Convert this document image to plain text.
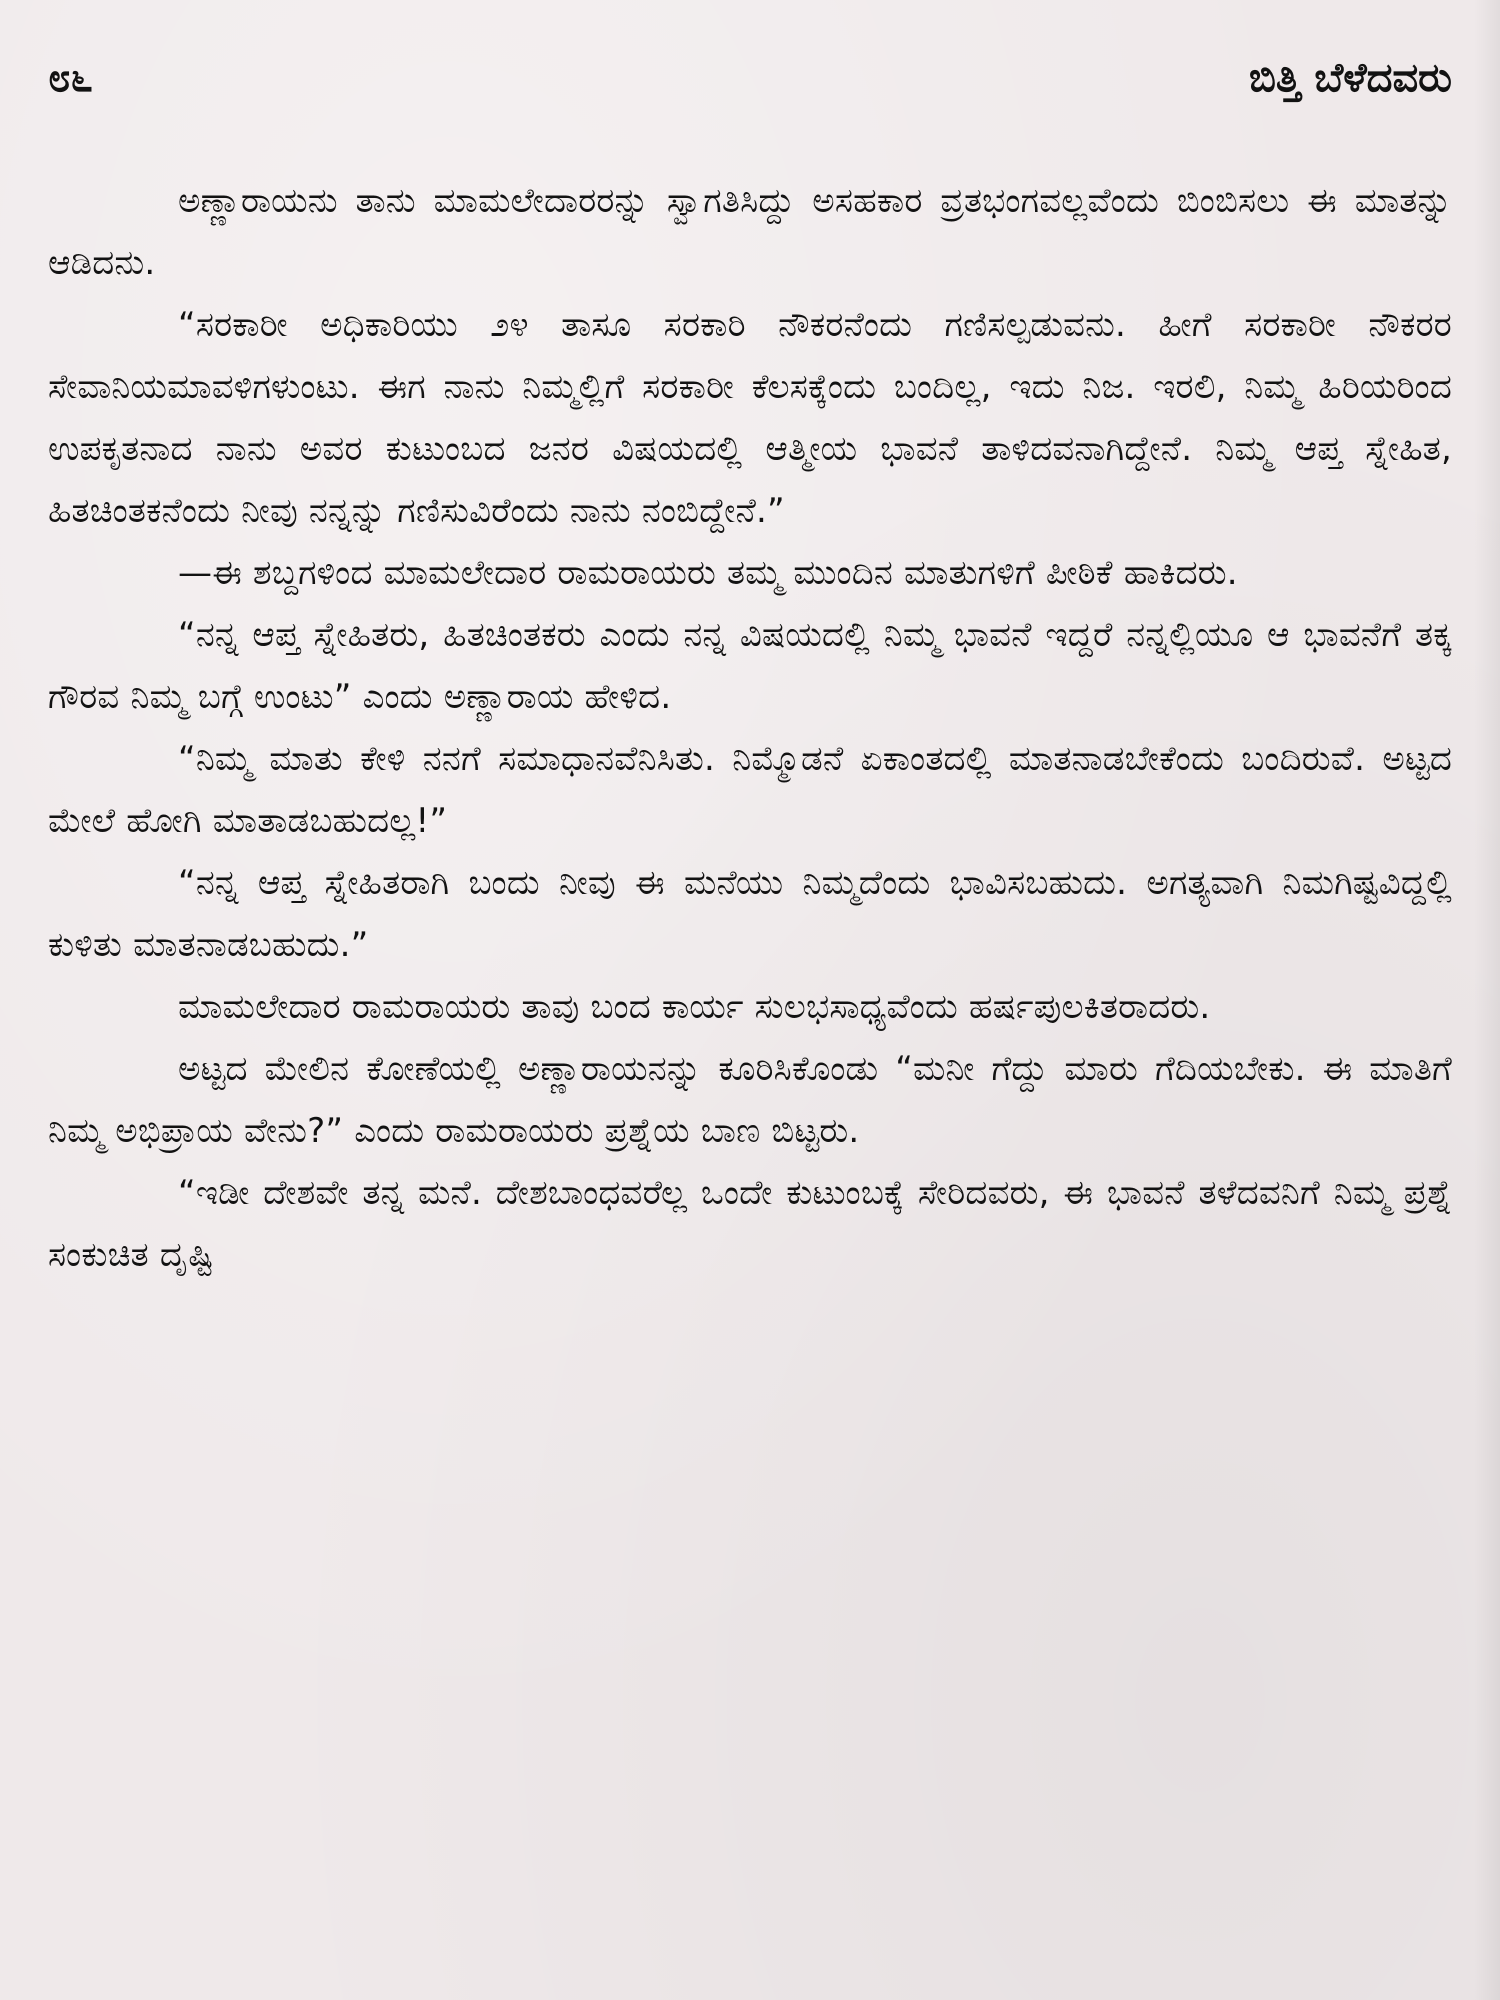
೮೬	ಬಿತ್ತಿ ಬೆಳೆದವರು

ಅಣ್ಣಾರಾಯನು ತಾನು ಮಾಮಲೇದಾರರನ್ನು ಸ್ವಾಗತಿಸಿದ್ದು ಅಸಹಕಾರ ವ್ರತಭಂಗವಲ್ಲವೆಂದು ಬಿಂಬಿಸಲು ಈ ಮಾತನ್ನು ಆಡಿದನು.

“ಸರಕಾರೀ ಅಧಿಕಾರಿಯು ೨೪ ತಾಸೂ ಸರಕಾರಿ ನೌಕರನೆಂದು ಗಣಿಸಲ್ಪಡುವನು. ಹೀಗೆ ಸರಕಾರೀ ನೌಕರರ ಸೇವಾನಿಯಮಾವಳಿಗಳುಂಟು. ಈಗ ನಾನು ನಿಮ್ಮಲ್ಲಿಗೆ ಸರಕಾರೀ ಕೆಲಸಕ್ಕೆಂದು ಬಂದಿಲ್ಲ, ಇದು ನಿಜ. ಇರಲಿ, ನಿಮ್ಮ ಹಿರಿಯರಿಂದ ಉಪಕೃತನಾದ ನಾನು ಅವರ ಕುಟುಂಬದ ಜನರ ವಿಷಯದಲ್ಲಿ ಆತ್ಮೀಯ ಭಾವನೆ ತಾಳಿದವನಾಗಿದ್ದೇನೆ. ನಿಮ್ಮ ಆಪ್ತ ಸ್ನೇಹಿತ, ಹಿತಚಿಂತಕನೆಂದು ನೀವು ನನ್ನನ್ನು ಗಣಿಸುವಿರೆಂದು ನಾನು ನಂಬಿದ್ದೇನೆ.”

—ಈ ಶಬ್ದಗಳಿಂದ ಮಾಮಲೇದಾರ ರಾಮರಾಯರು ತಮ್ಮ ಮುಂದಿನ ಮಾತುಗಳಿಗೆ ಪೀಠಿಕೆ ಹಾಕಿದರು.

“ನನ್ನ ಆಪ್ತ ಸ್ನೇಹಿತರು, ಹಿತಚಿಂತಕರು ಎಂದು ನನ್ನ ವಿಷಯದಲ್ಲಿ ನಿಮ್ಮ ಭಾವನೆ ಇದ್ದರೆ ನನ್ನಲ್ಲಿಯೂ ಆ ಭಾವನೆಗೆ ತಕ್ಕ ಗೌರವ ನಿಮ್ಮ ಬಗ್ಗೆ ಉಂಟು” ಎಂದು ಅಣ್ಣಾರಾಯ ಹೇಳಿದ.

“ನಿಮ್ಮ ಮಾತು ಕೇಳಿ ನನಗೆ ಸಮಾಧಾನವೆನಿಸಿತು. ನಿಮ್ಮೊಡನೆ ಏಕಾಂತದಲ್ಲಿ ಮಾತನಾಡಬೇಕೆಂದು ಬಂದಿರುವೆ. ಅಟ್ಟದ ಮೇಲೆ ಹೋಗಿ ಮಾತಾಡಬಹುದಲ್ಲ!”

“ನನ್ನ ಆಪ್ತ ಸ್ನೇಹಿತರಾಗಿ ಬಂದು ನೀವು ಈ ಮನೆಯು ನಿಮ್ಮದೆಂದು ಭಾವಿಸಬಹುದು. ಅಗತ್ಯವಾಗಿ ನಿಮಗಿಷ್ಟವಿದ್ದಲ್ಲಿ ಕುಳಿತು ಮಾತನಾಡಬಹುದು.”

ಮಾಮಲೇದಾರ ರಾಮರಾಯರು ತಾವು ಬಂದ ಕಾರ್ಯ ಸುಲಭಸಾಧ್ಯವೆಂದು ಹರ್ಷಪುಲಕಿತರಾದರು.

ಅಟ್ಟದ ಮೇಲಿನ ಕೋಣೆಯಲ್ಲಿ ಅಣ್ಣಾರಾಯನನ್ನು ಕೂರಿಸಿಕೊಂಡು “ಮನೀ ಗೆದ್ದು ಮಾರು ಗೆದಿಯಬೇಕು. ಈ ಮಾತಿಗೆ ನಿಮ್ಮ ಅಭಿಪ್ರಾಯ ವೇನು?” ಎಂದು ರಾಮರಾಯರು ಪ್ರಶ್ನೆಯ ಬಾಣ ಬಿಟ್ಟರು.

“ಇಡೀ ದೇಶವೇ ತನ್ನ ಮನೆ. ದೇಶಬಾಂಧವರೆಲ್ಲ ಒಂದೇ ಕುಟುಂಬಕ್ಕೆ ಸೇರಿದವರು, ಈ ಭಾವನೆ ತಳೆದವನಿಗೆ ನಿಮ್ಮ ಪ್ರಶ್ನೆ ಸಂಕುಚಿತ ದೃಷ್ಟಿ
